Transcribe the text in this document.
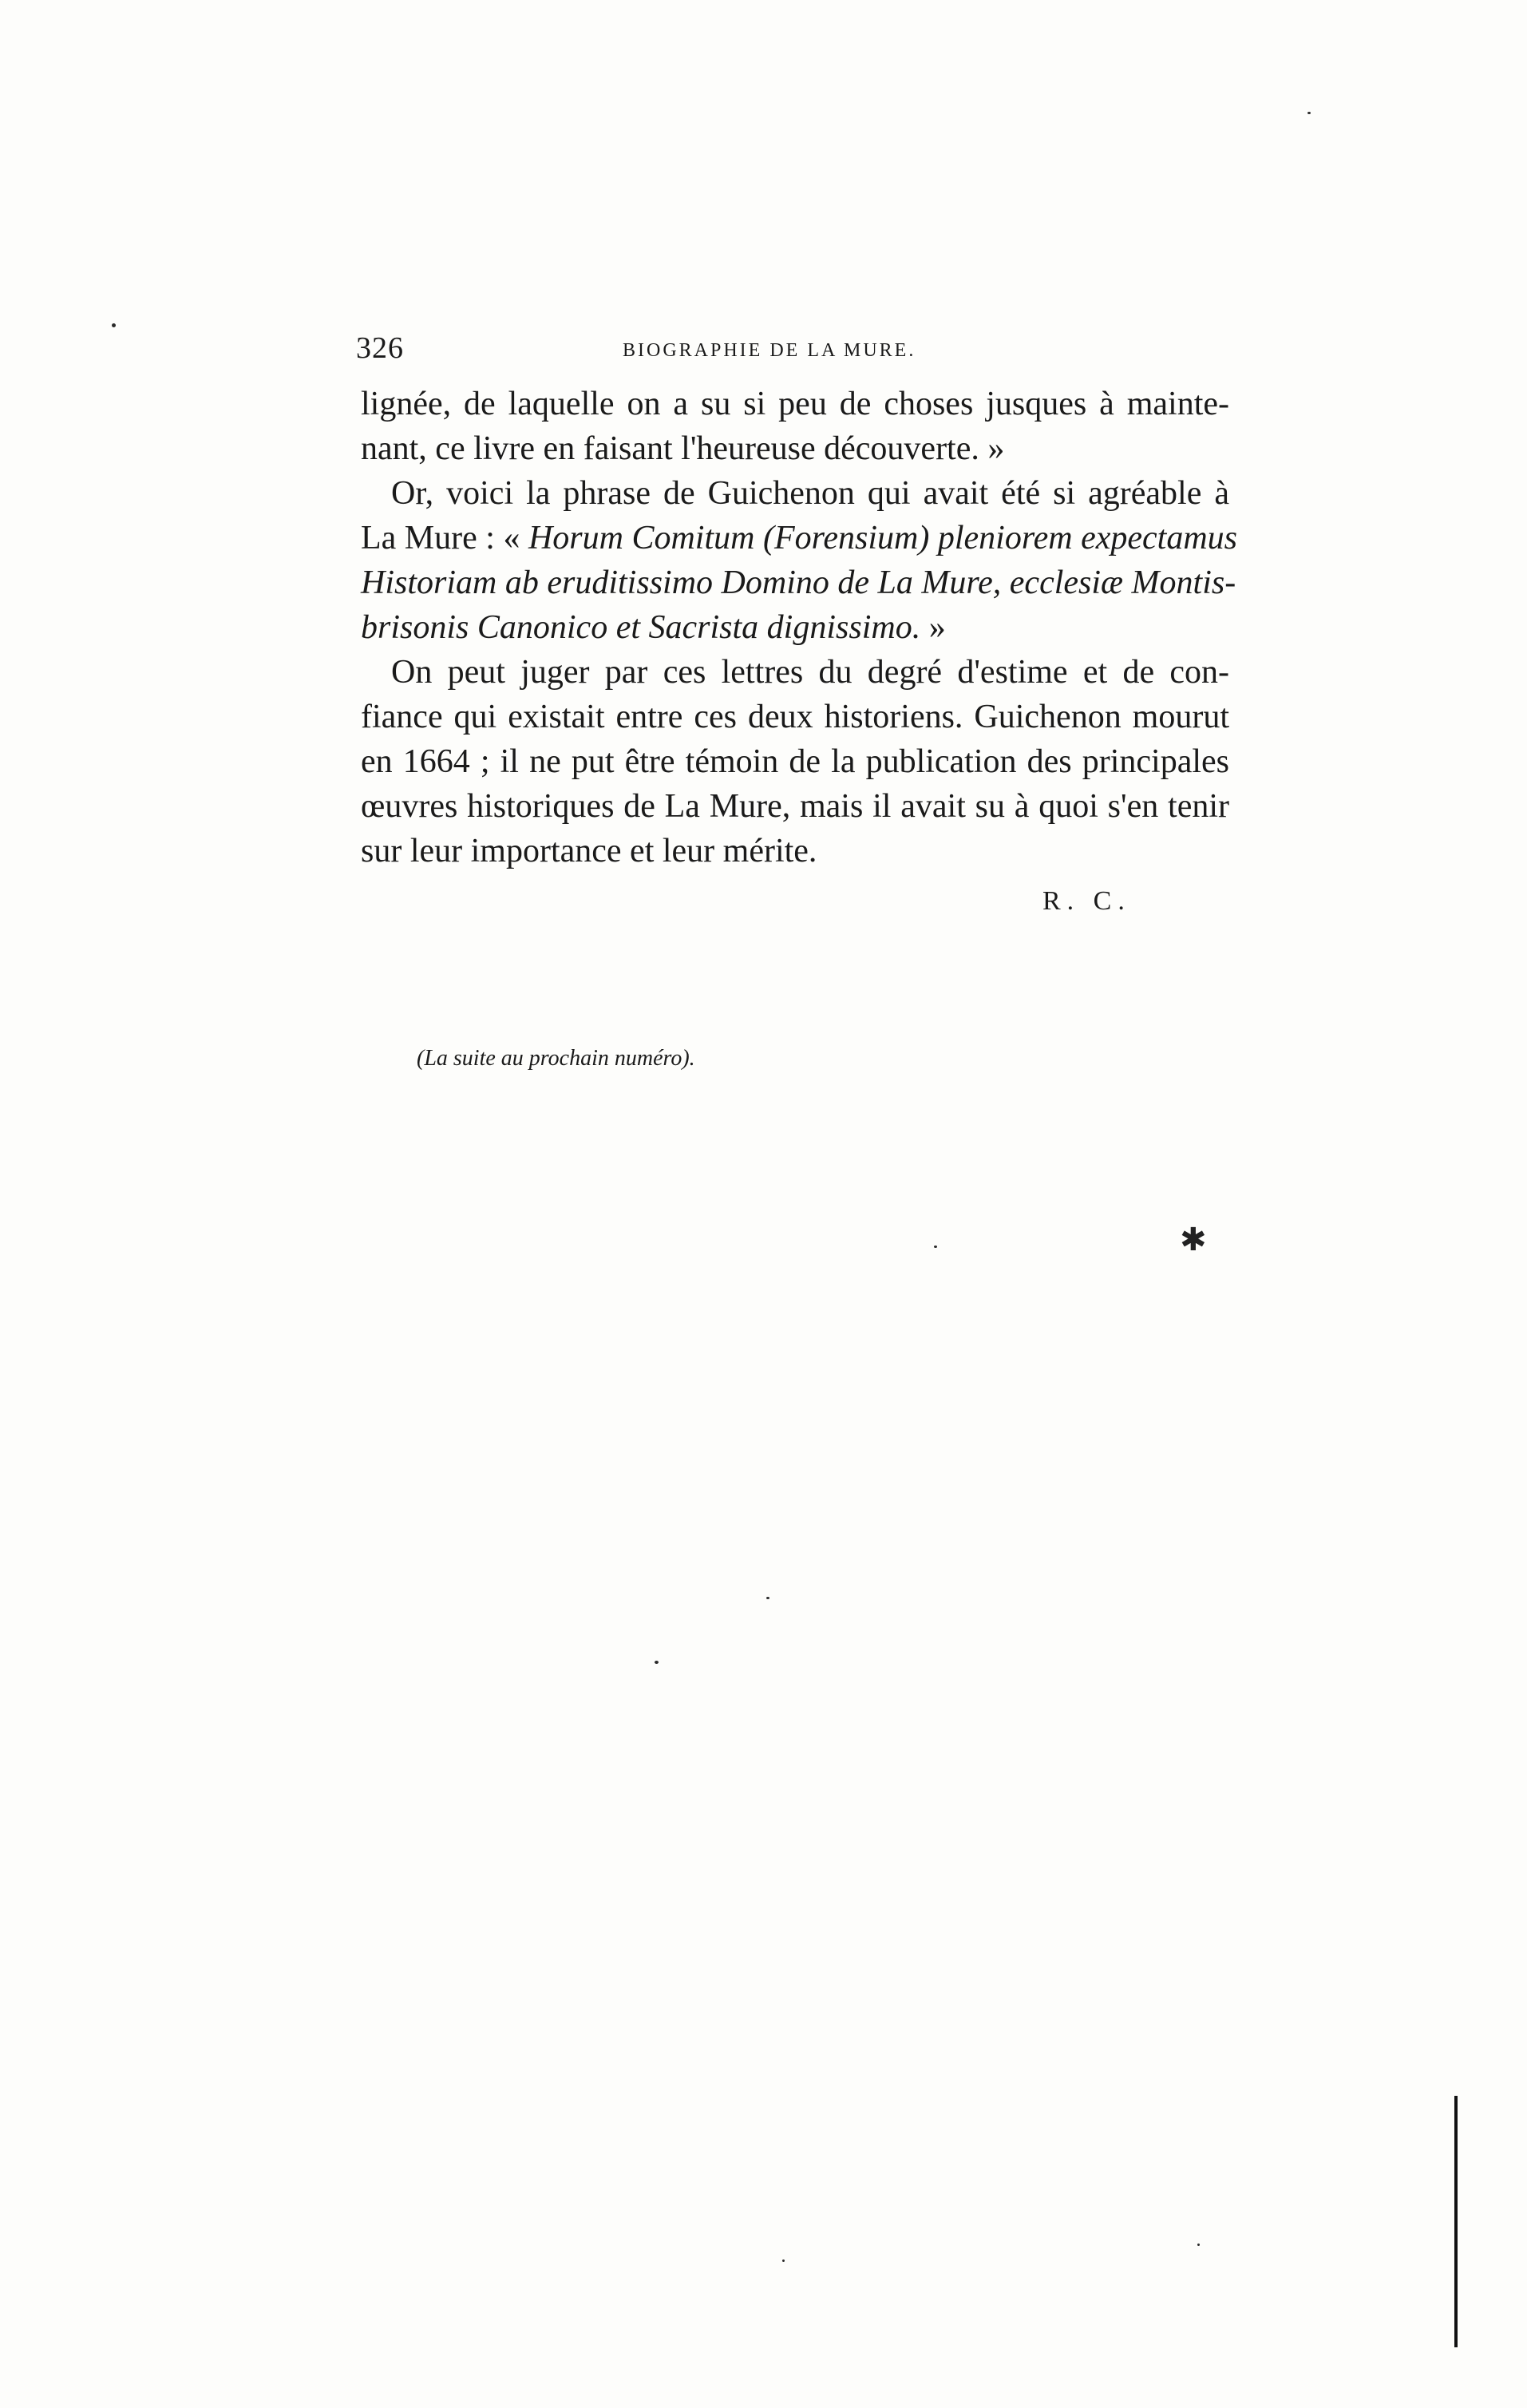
326	BIOGRAPHIE DE LA MURE.
lignée, de laquelle on a su si peu de choses jusques à mainte-
nant, ce livre en faisant l'heureuse découverte. »
Or, voici la phrase de Guichenon qui avait été si agréable à
La Mure : « Horum Comitum (Forensium) pleniorem expectamus
Historiam ab eruditissimo Domino de La Mure, ecclesiæ Montis-
brisonis Canonico et Sacrista dignissimo. »
On peut juger par ces lettres du degré d'estime et de con-
fiance qui existait entre ces deux historiens. Guichenon mourut
en 1664 ; il ne put être témoin de la publication des principales
œuvres historiques de La Mure, mais il avait su à quoi s'en tenir
sur leur importance et leur mérite.
R. C.
(La suite au prochain numéro).
✱
